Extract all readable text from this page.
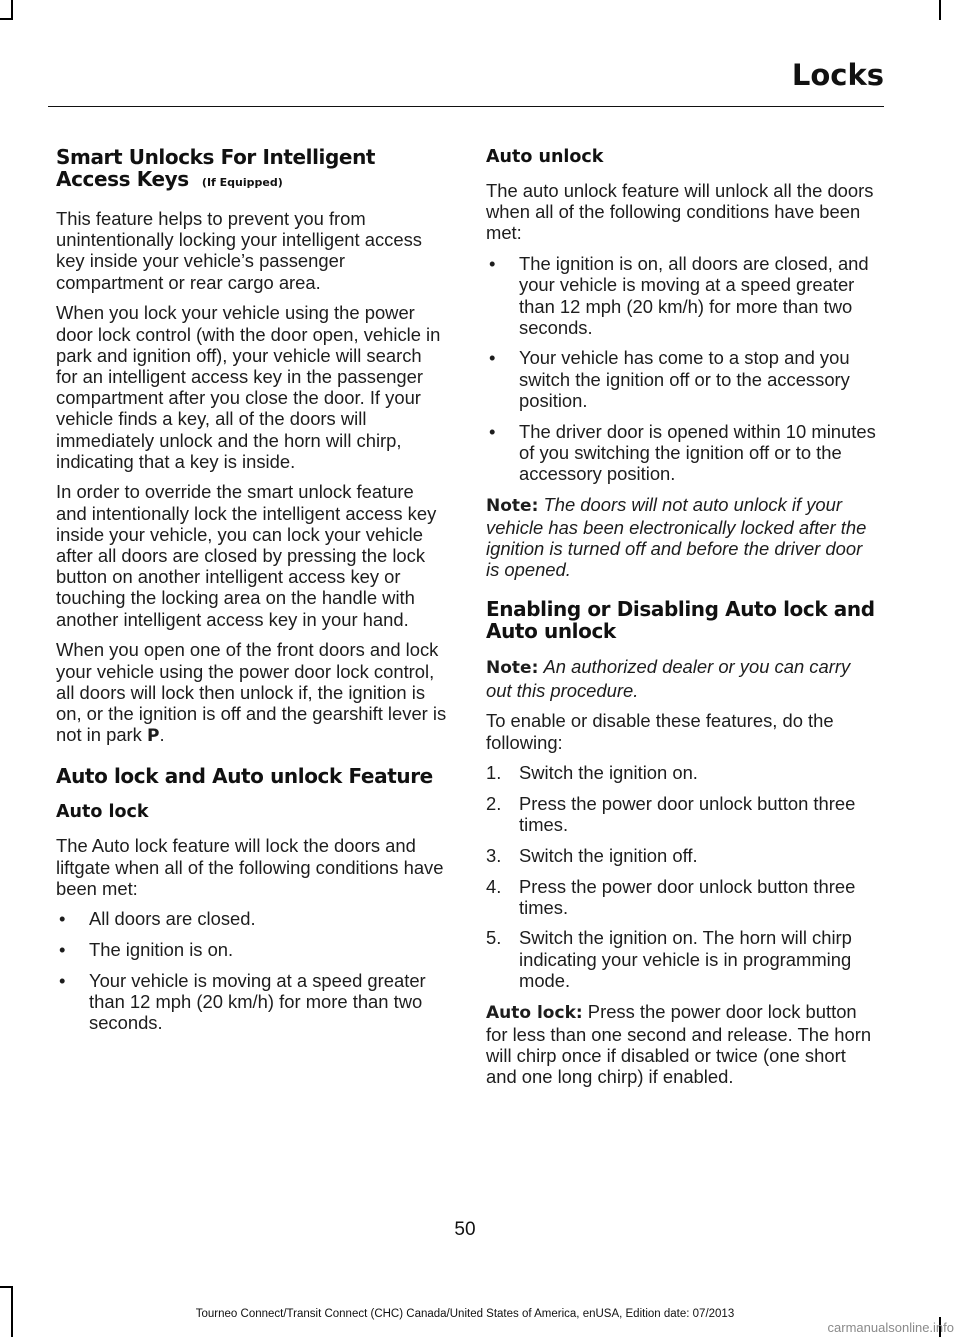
Locks
Smart Unlocks For Intelligent Access Keys (If Equipped)

This feature helps to prevent you from unintentionally locking your intelligent access key inside your vehicle’s passenger compartment or rear cargo area.

When you lock your vehicle using the power door lock control (with the door open, vehicle in park and ignition off), your vehicle will search for an intelligent access key in the passenger compartment after you close the door. If your vehicle finds a key, all of the doors will immediately unlock and the horn will chirp, indicating that a key is inside.

In order to override the smart unlock feature and intentionally lock the intelligent access key inside your vehicle, you can lock your vehicle after all doors are closed by pressing the lock button on another intelligent access key or touching the locking area on the handle with another intelligent access key in your hand.

When you open one of the front doors and lock your vehicle using the power door lock control, all doors will lock then unlock if, the ignition is on, or the ignition is off and the gearshift lever is not in park P.

Auto lock and Auto unlock Feature
Auto lock

The Auto lock feature will lock the doors and liftgate when all of the following conditions have been met:

• All doors are closed.
• The ignition is on.
• Your vehicle is moving at a speed greater than 12 mph (20 km/h) for more than two seconds.
Auto unlock

The auto unlock feature will unlock all the doors when all of the following conditions have been met:

• The ignition is on, all doors are closed, and your vehicle is moving at a speed greater than 12 mph (20 km/h) for more than two seconds.
• Your vehicle has come to a stop and you switch the ignition off or to the accessory position.
• The driver door is opened within 10 minutes of you switching the ignition off or to the accessory position.

Note: The doors will not auto unlock if your vehicle has been electronically locked after the ignition is turned off and before the driver door is opened.

Enabling or Disabling Auto lock and Auto unlock

Note: An authorized dealer or you can carry out this procedure.

To enable or disable these features, do the following:

1. Switch the ignition on.
2. Press the power door unlock button three times.
3. Switch the ignition off.
4. Press the power door unlock button three times.
5. Switch the ignition on. The horn will chirp indicating your vehicle is in programming mode.

Auto lock: Press the power door lock button for less than one second and release. The horn will chirp once if disabled or twice (one short and one long chirp) if enabled.

50
Tourneo Connect/Transit Connect (CHC) Canada/United States of America, enUSA, Edition date: 07/2013
carmanualsonline.info
